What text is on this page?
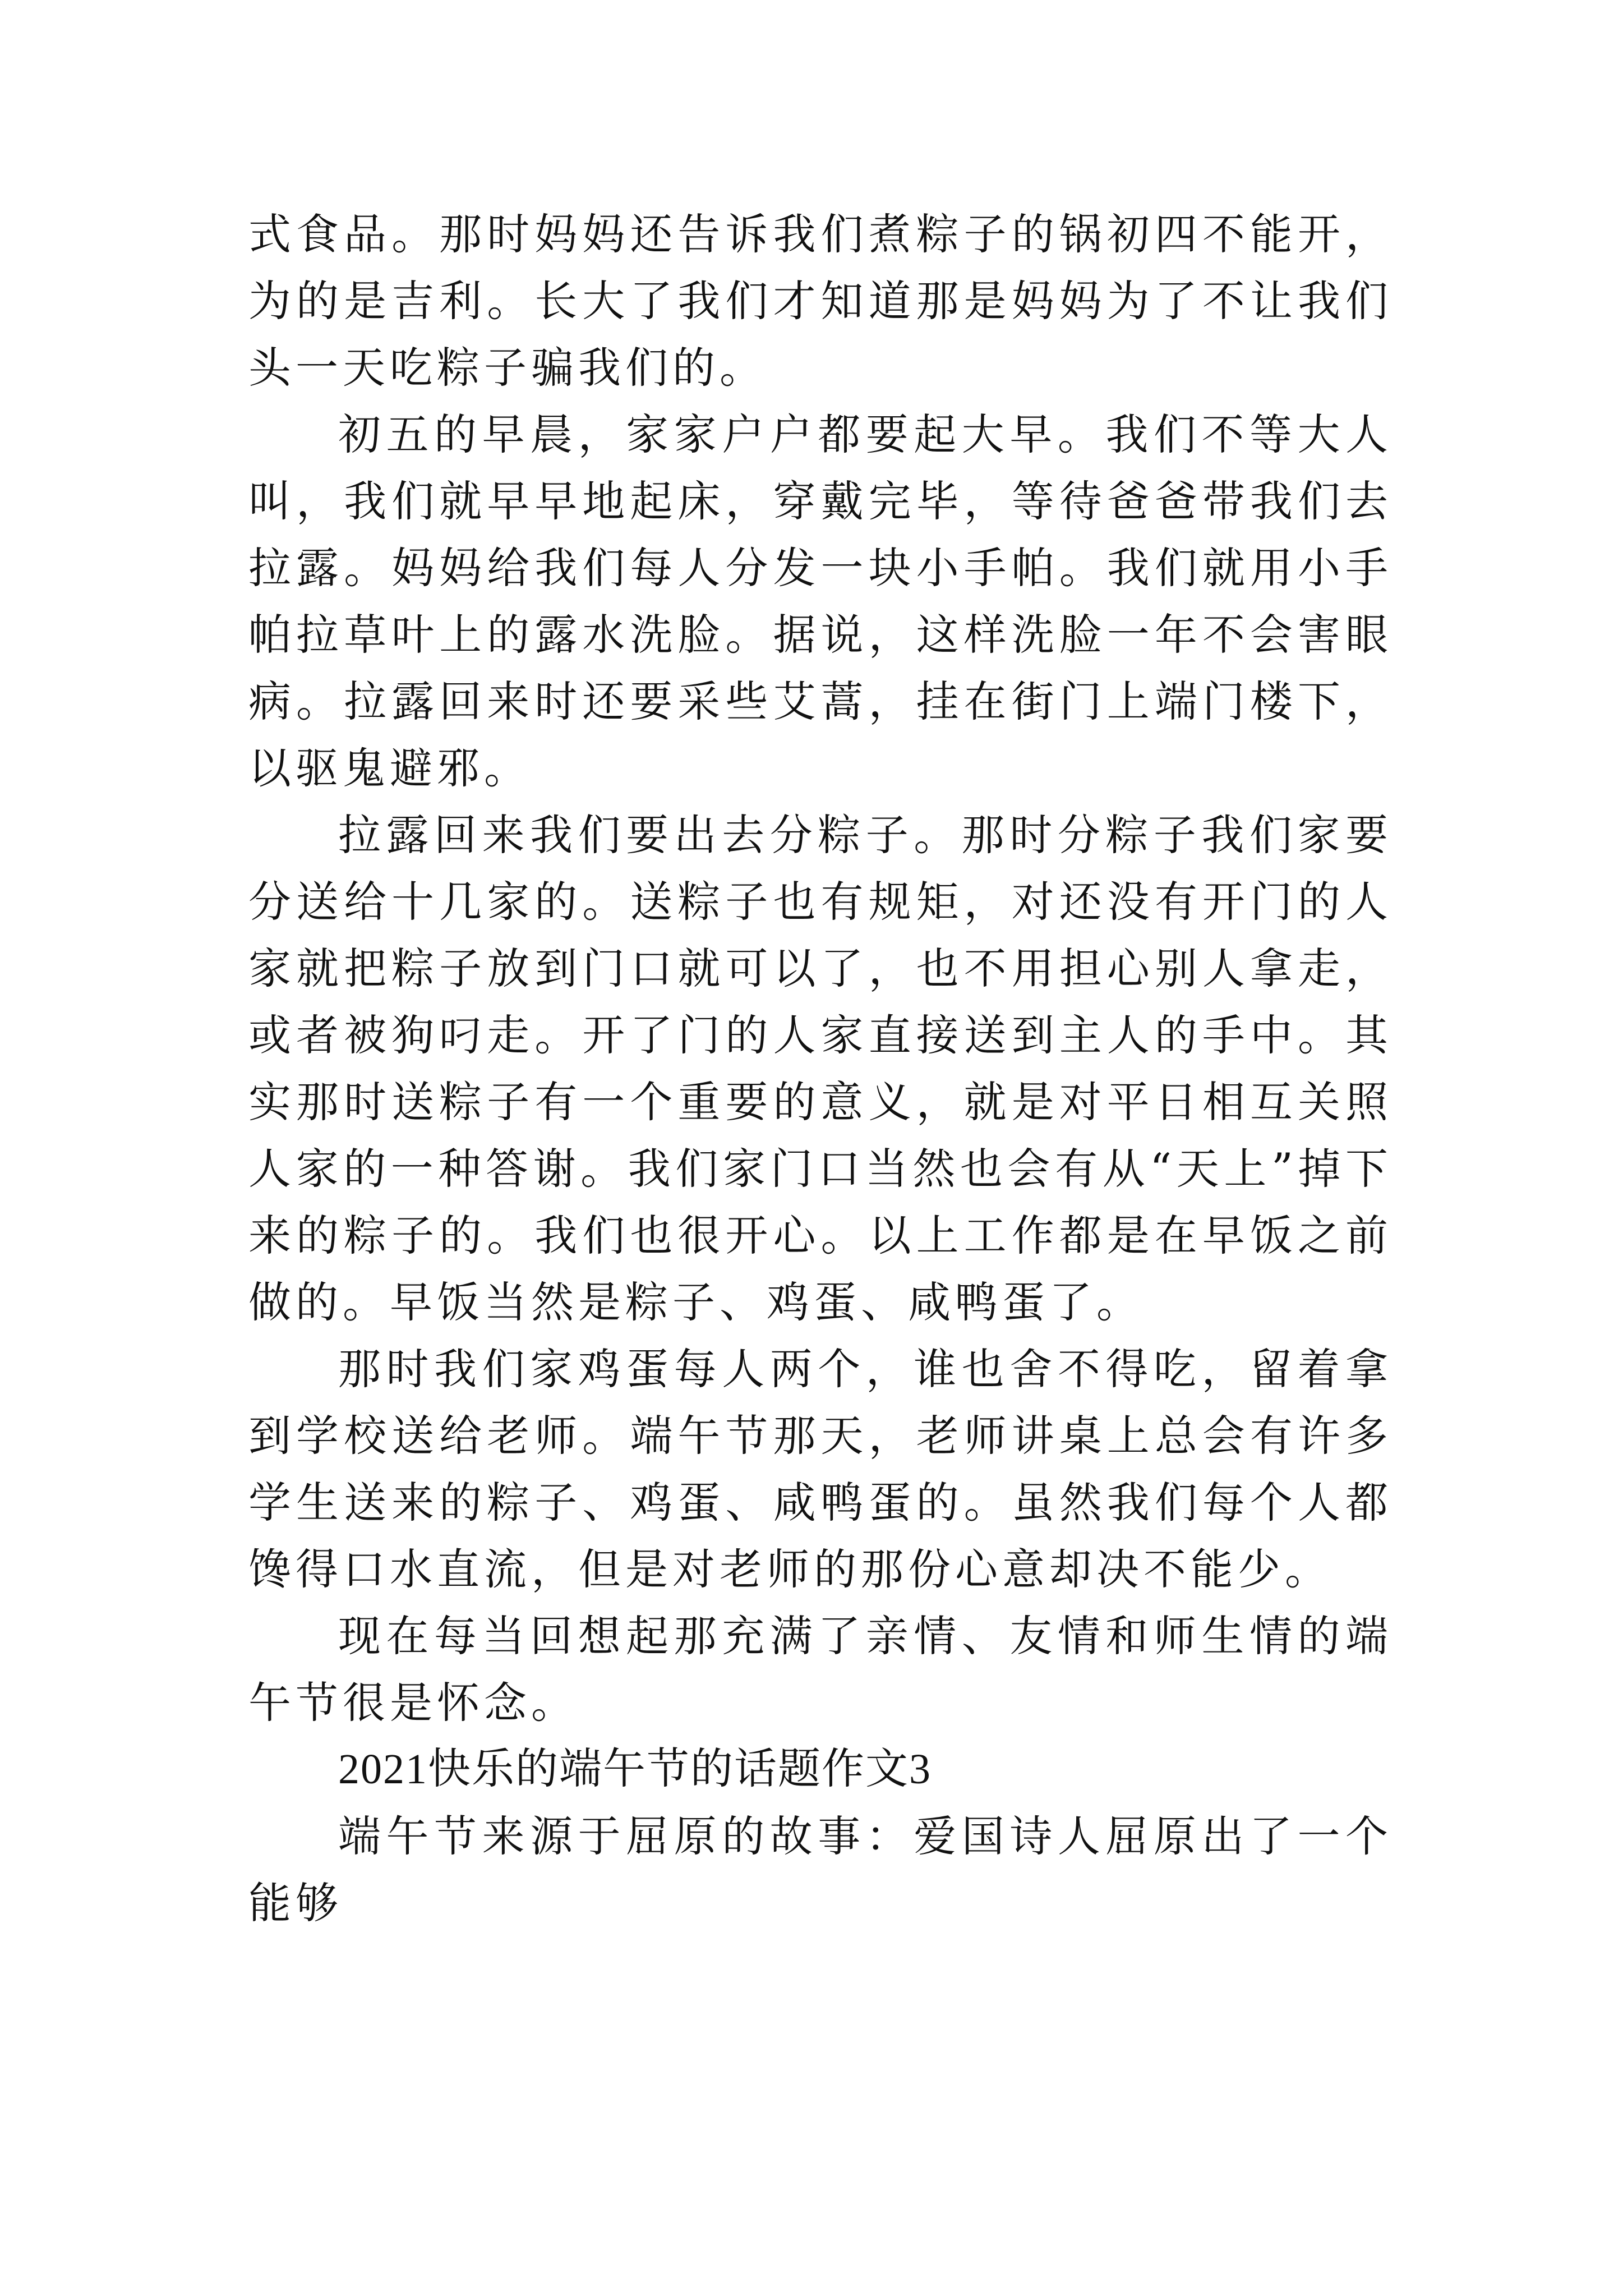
式食品。那时妈妈还告诉我们煮粽子的锅初四不能开，为的是吉利。长大了我们才知道那是妈妈为了不让我们头一天吃粽子骗我们的。

初五的早晨，家家户户都要起大早。我们不等大人叫，我们就早早地起床，穿戴完毕，等待爸爸带我们去拉露。妈妈给我们每人分发一块小手帕。我们就用小手帕拉草叶上的露水洗脸。据说，这样洗脸一年不会害眼病。拉露回来时还要采些艾蒿，挂在街门上端门楼下，以驱鬼避邪。

拉露回来我们要出去分粽子。那时分粽子我们家要分送给十几家的。送粽子也有规矩，对还没有开门的人家就把粽子放到门口就可以了，也不用担心别人拿走，或者被狗叼走。开了门的人家直接送到主人的手中。其实那时送粽子有一个重要的意义，就是对平日相互关照人家的一种答谢。我们家门口当然也会有从“天上”掉下来的粽子的。我们也很开心。以上工作都是在早饭之前做的。早饭当然是粽子、鸡蛋、咸鸭蛋了。

那时我们家鸡蛋每人两个，谁也舍不得吃，留着拿到学校送给老师。端午节那天，老师讲桌上总会有许多学生送来的粽子、鸡蛋、咸鸭蛋的。虽然我们每个人都馋得口水直流，但是对老师的那份心意却决不能少。

现在每当回想起那充满了亲情、友情和师生情的端午节很是怀念。

2021快乐的端午节的话题作文3

端午节来源于屈原的故事：爱国诗人屈原出了一个能够
